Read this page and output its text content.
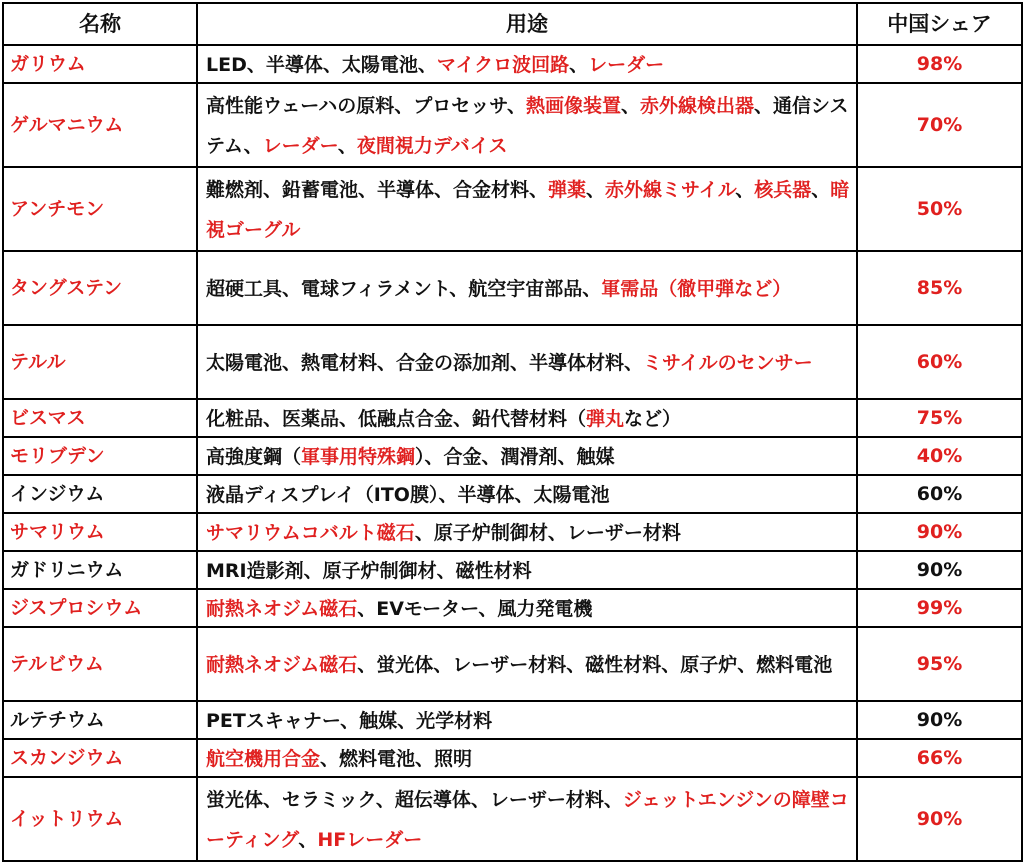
名称	用途	中国シェア
ガリウム	LED、半導体、太陽電池、マイクロ波回路、レーダー	98%
ゲルマニウム	高性能ウェーハの原料、プロセッサ、熱画像装置、赤外線検出器、通信システム、レーダー、夜間視力デバイス	70%
アンチモン	難燃剤、鉛蓄電池、半導体、合金材料、弾薬、赤外線ミサイル、核兵器、暗視ゴーグル	50%
タングステン	超硬工具、電球フィラメント、航空宇宙部品、軍需品（徹甲弾など）	85%
テルル	太陽電池、熱電材料、合金の添加剤、半導体材料、ミサイルのセンサー	60%
ビスマス	化粧品、医薬品、低融点合金、鉛代替材料（弾丸など）	75%
モリブデン	高強度鋼（軍事用特殊鋼）、合金、潤滑剤、触媒	40%
インジウム	液晶ディスプレイ（ITO膜）、半導体、太陽電池	60%
サマリウム	サマリウムコバルト磁石、原子炉制御材、レーザー材料	90%
ガドリニウム	MRI造影剤、原子炉制御材、磁性材料	90%
ジスプロシウム	耐熱ネオジム磁石、EVモーター、風力発電機	99%
テルビウム	耐熱ネオジム磁石、蛍光体、レーザー材料、磁性材料、原子炉、燃料電池	95%
ルテチウム	PETスキャナー、触媒、光学材料	90%
スカンジウム	航空機用合金、燃料電池、照明	66%
イットリウム	蛍光体、セラミック、超伝導体、レーザー材料、ジェットエンジンの障壁コーティング、HFレーダー	90%
